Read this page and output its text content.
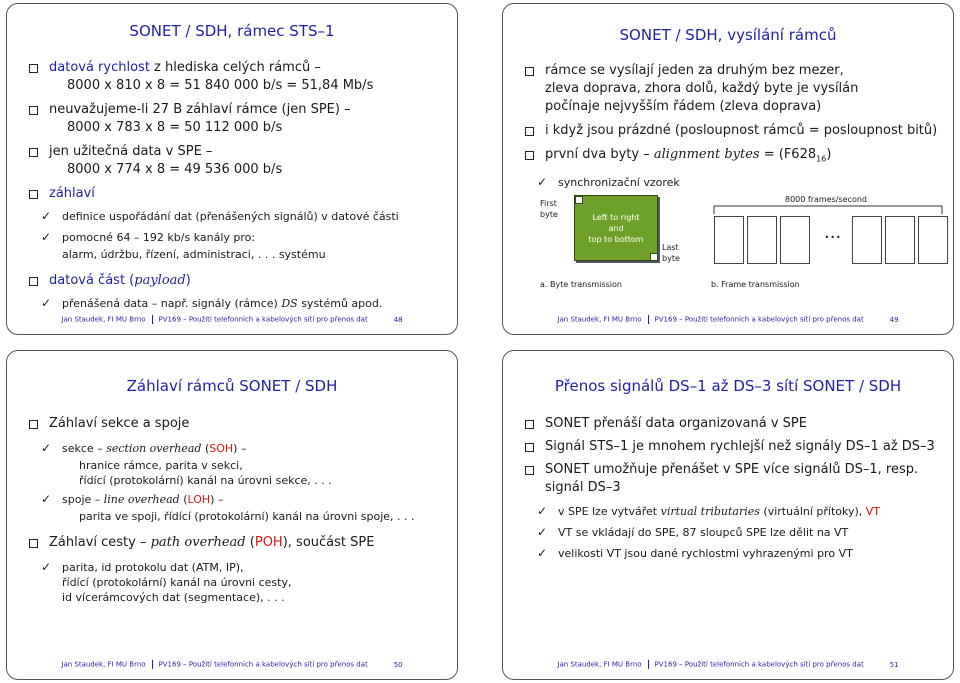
SONET / SDH, rámec STS–1
datová rychlost z hlediska celých rámců –
8000 x 810 x 8 = 51 840 000 b/s = 51,84 Mb/s
neuvažujeme-li 27 B záhlaví rámce (jen SPE) –
8000 x 783 x 8 = 50 112 000 b/s
jen užitečná data v SPE –
8000 x 774 x 8 = 49 536 000 b/s
záhlaví
✓ definice uspořádání dat (přenášených signálů) v datové části
✓ pomocné 64 – 192 kb/s kanály pro:
alarm, údržbu, řízení, administraci, . . . systému
datová část (payload)
✓ přenášená data – např. signály (rámce) DS systémů apod.
Jan Staudek, FI MU Brno PV169 – Použití telefonních a kabelových sítí pro přenos dat	48
SONET / SDH, vysílání rámců
rámce se vysílají jeden za druhým bez mezer,
zleva doprava, zhora dolů, každý byte je vysílán
počínaje nejvyšším řádem (zleva doprava)
i když jsou prázdné (posloupnost rámců = posloupnost bitů)
první dva byty – alignment bytes = $(F628_{16})$
✓ synchronizační vzorek
First
byte	Left to right
and
top to bottom
Last
byte
a. Byte transmission
8000 frames/second
...
b. Frame transmission
Jan Staudek, FI MU Brno PV169 – Použití telefonních a kabelových sítí pro přenos dat	49
Záhlaví rámců SONET / SDH
Záhlaví sekce a spoje
✓ sekce – section overhead (SOH) –
hranice rámce, parita v sekci,
řídící (protokolární) kanál na úrovni sekce, . . .
✓ spoje – line overhead (LOH) –
parita ve spoji, řídící (protokolární) kanál na úrovni spoje, . . .
Záhlaví cesty – path overhead (POH), součást SPE
✓ parita, id protokolu dat (ATM, IP),
řídící (protokolární) kanál na úrovni cesty,
id vícerámcových dat (segmentace), . . .
Jan Staudek, FI MU Brno PV169 – Použití telefonních a kabelových sítí pro přenos dat	50
Přenos signálů DS–1 až DS–3 sítí SONET / SDH
SONET přenáší data organizovaná v SPE
Signál STS–1 je mnohem rychlejší než signály DS–1 až DS–3
SONET umožňuje přenášet v SPE více signálů DS–1, resp.
signál DS–3
✓ v SPE lze vytvářet virtual tributaries (virtuální přítoky), VT
✓ VT se vkládají do SPE, 87 sloupců SPE lze dělit na VT
✓ velikosti VT jsou dané rychlostmi vyhrazenými pro VT
Jan Staudek, FI MU Brno PV169 – Použití telefonních a kabelových sítí pro přenos dat	51
